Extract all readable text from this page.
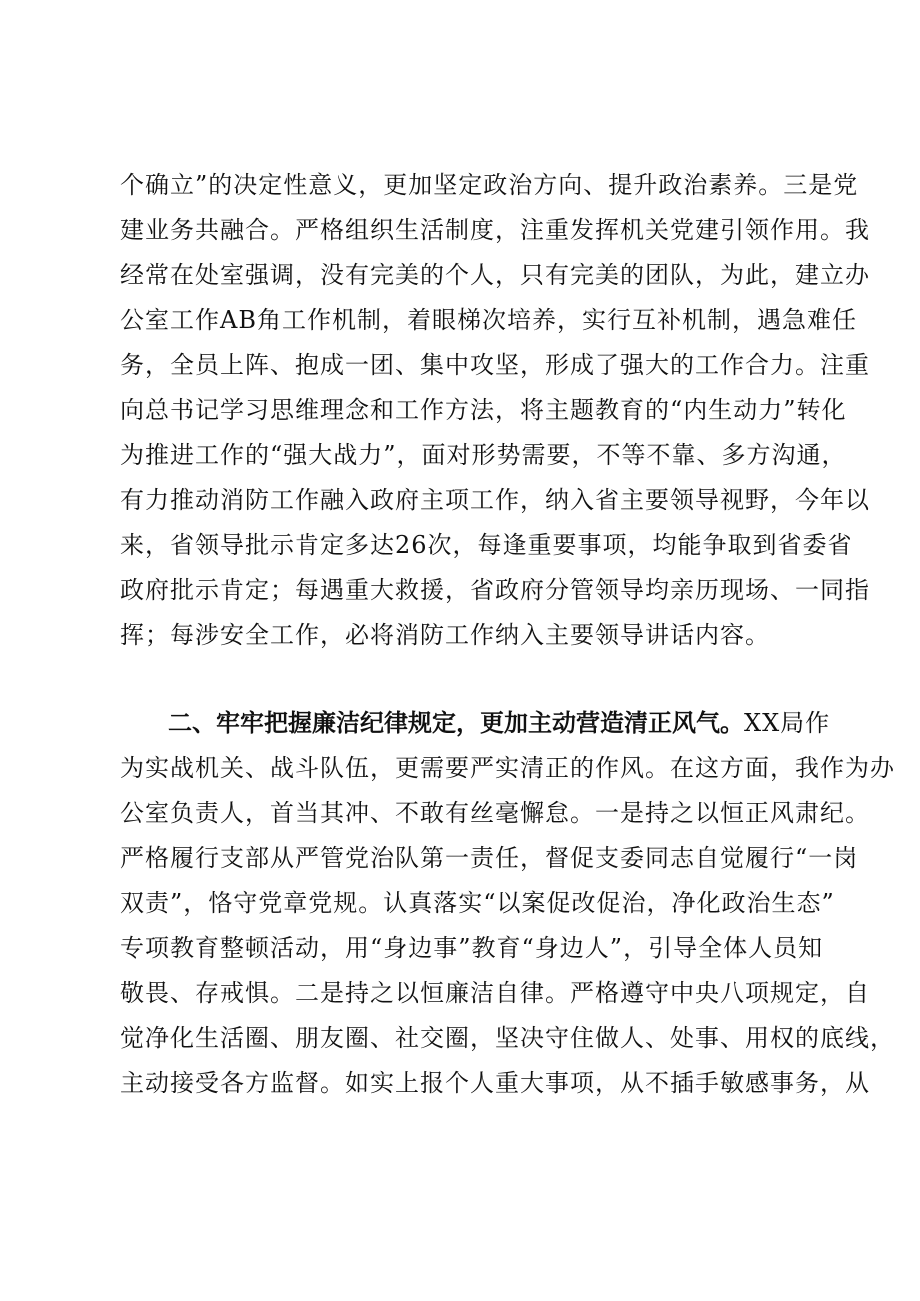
个确立”的决定性意义，更加坚定政治方向、提升政治素养。三是党
建业务共融合。严格组织生活制度，注重发挥机关党建引领作用。我
经常在处室强调，没有完美的个人，只有完美的团队，为此，建立办
公室工作AB角工作机制，着眼梯次培养，实行互补机制，遇急难任
务，全员上阵、抱成一团、集中攻坚，形成了强大的工作合力。注重
向总书记学习思维理念和工作方法，将主题教育的“内生动力”转化
为推进工作的“强大战力”，面对形势需要，不等不靠、多方沟通，
有力推动消防工作融入政府主项工作，纳入省主要领导视野，今年以
来，省领导批示肯定多达26次，每逢重要事项，均能争取到省委省
政府批示肯定；每遇重大救援，省政府分管领导均亲历现场、一同指
挥；每涉安全工作，必将消防工作纳入主要领导讲话内容。
二、牢牢把握廉洁纪律规定，更加主动营造清正风气。XX局作
为实战机关、战斗队伍，更需要严实清正的作风。在这方面，我作为办
公室负责人，首当其冲、不敢有丝毫懈怠。一是持之以恒正风肃纪。
严格履行支部从严管党治队第一责任，督促支委同志自觉履行“一岗
双责”，恪守党章党规。认真落实“以案促改促治，净化政治生态”
专项教育整顿活动，用“身边事”教育“身边人”，引导全体人员知
敬畏、存戒惧。二是持之以恒廉洁自律。严格遵守中央八项规定，自
觉净化生活圈、朋友圈、社交圈，坚决守住做人、处事、用权的底线，
主动接受各方监督。如实上报个人重大事项，从不插手敏感事务，从
